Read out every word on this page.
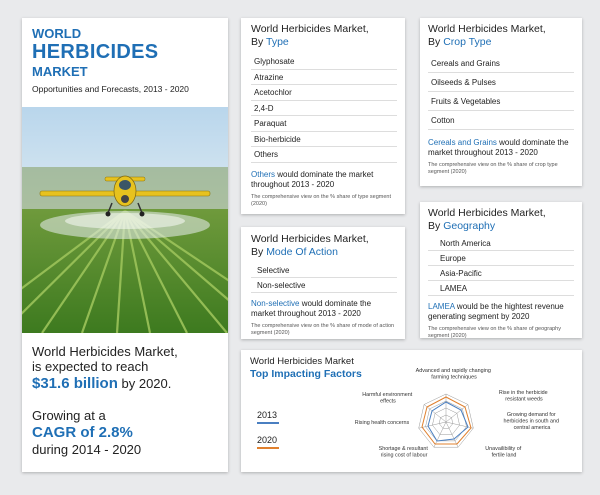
WORLD
HERBICIDES
MARKET
Opportunities and Forecasts, 2013 - 2020
World Herbicides Market,
is expected to reach
$31.6 billion by 2020.
Growing at a
CAGR of 2.8%
during 2014 - 2020
World Herbicides Market,
By Type
Glyphosate
Atrazine
Acetochlor
2,4-D
Paraquat
Bio-herbicide
Others
Others would dominate the market throughout 2013 - 2020
The comprehensive view on the % share of type segment (2020)
World Herbicides Market,
By Crop Type
Cereals and Grains
Oilseeds & Pulses
Fruits & Vegetables
Cotton
Cereals and Grains would dominate the market throughout 2013 - 2020
The comprehensive view on the % share of crop type segment (2020)
World Herbicides Market,
By Geography
North America
Europe
Asia-Pacific
LAMEA
LAMEA would be the hightest revenue generating segment by 2020
The comprehensive view on the % share of geography segment (2020)
World Herbicides Market,
By Mode Of Action
Selective
Non-selective
Non-selective would dominate the market throughout 2013 - 2020
The comprehensive view on the % share of mode of action segment (2020)
World Herbicides Market
Top Impacting Factors
2013
2020
Advanced and rapidly changing farming techniques
Rise in the herbicide resistant weeds
Growing demand for herbicides in south and central america
Unavailibility of fertile land
Shortage & resultant rising cost of labour
Rising health concerns
Harmful environment effects
